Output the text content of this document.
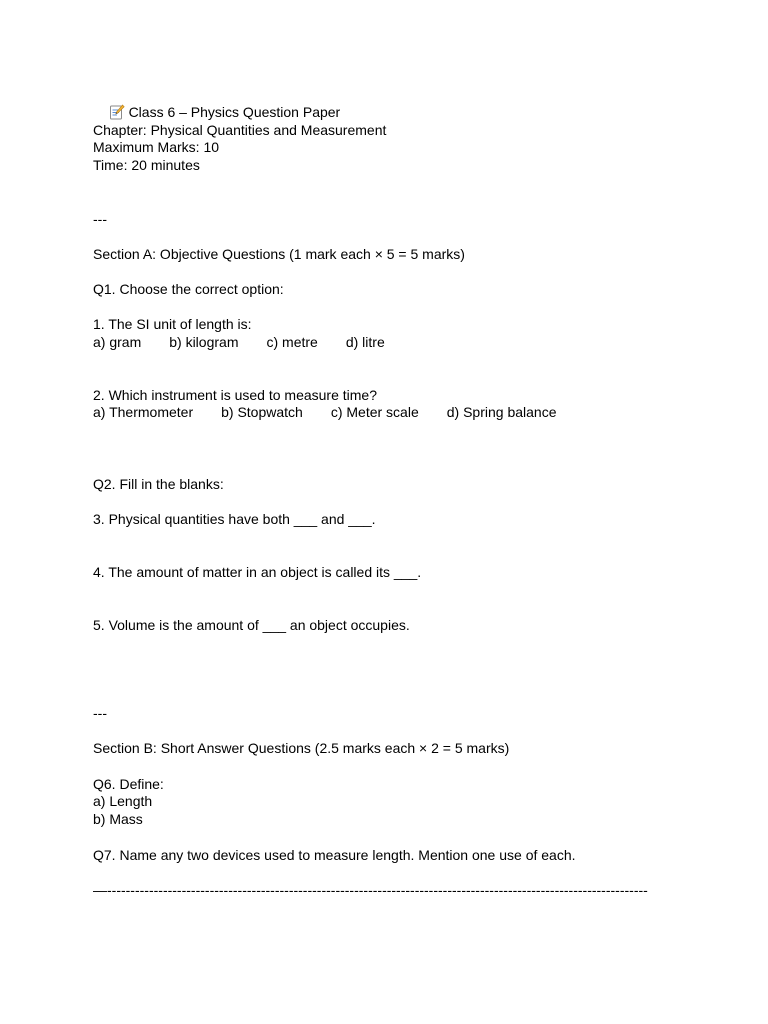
Class 6 – Physics Question Paper

Chapter: Physical Quantities and Measurement
Maximum Marks: 10
Time: 20 minutes
---
Section A: Objective Questions (1 mark each × 5 = 5 marks)
Q1. Choose the correct option:
1. The SI unit of length is:
a) gram b) kilogram c) metre d) litre
2. Which instrument is used to measure time?
a) Thermometer b) Stopwatch c) Meter scale d) Spring balance
Q2. Fill in the blanks:
3. Physical quantities have both ___ and ___.
4. The amount of matter in an object is called its ___.
5. Volume is the amount of ___ an object occupies.
---
Section B: Short Answer Questions (2.5 marks each × 2 = 5 marks)
Q6. Define:
a) Length
b) Mass
Q7. Name any two devices used to measure length. Mention one use of each.
—--------------------------------------------------------------------------------------------------------------------
